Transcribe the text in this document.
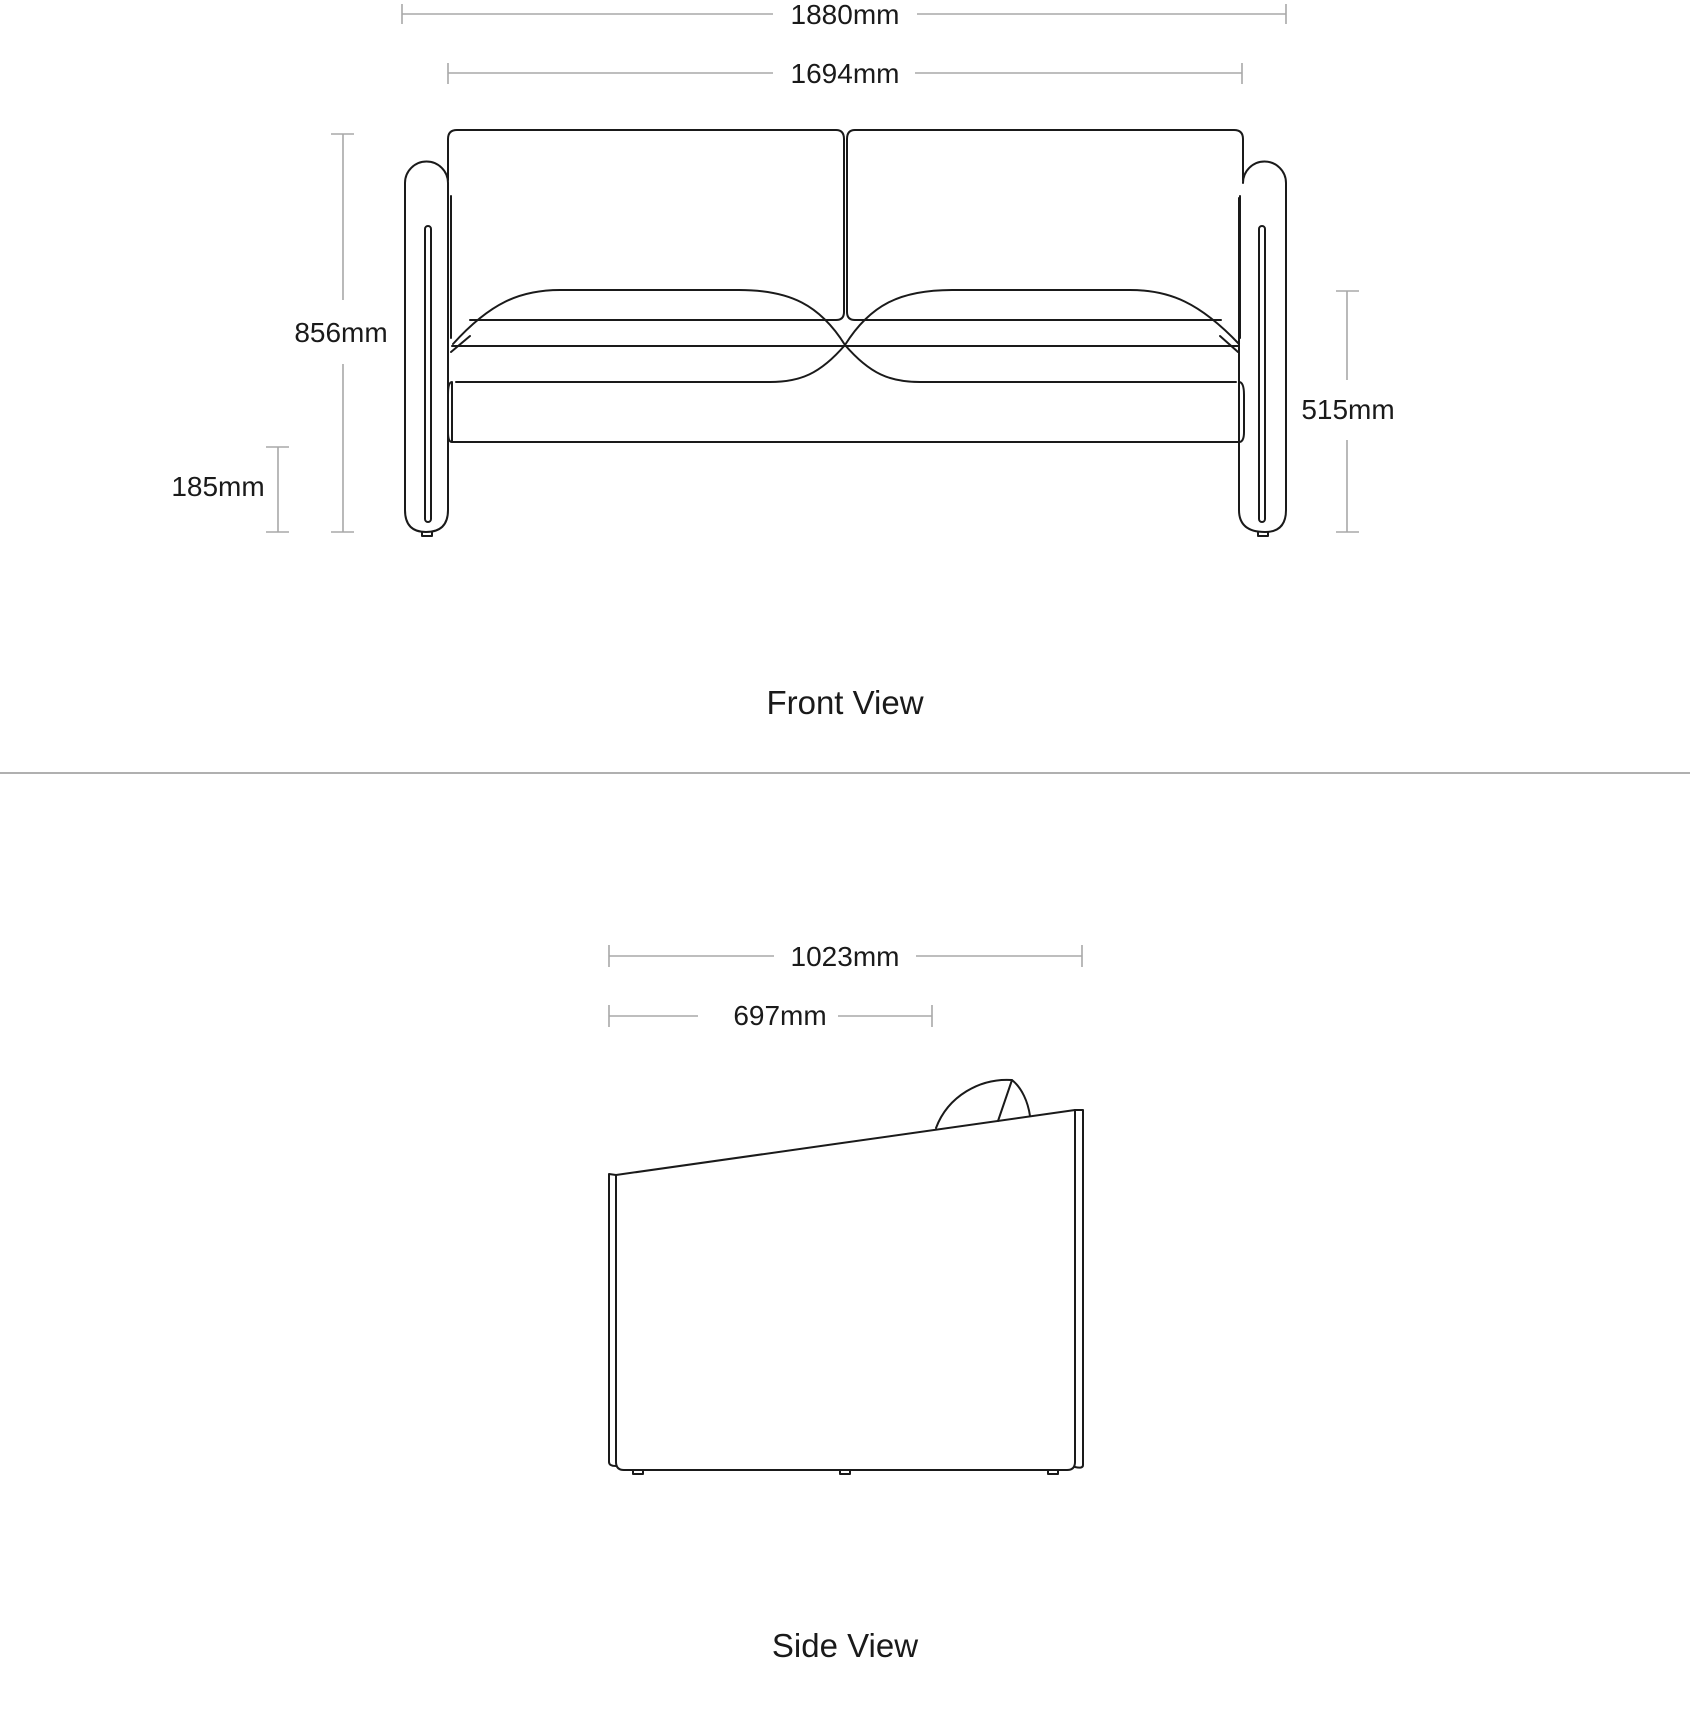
1880mm
1694mm
856mm
185mm
515mm
Front View
1023mm
697mm
Side View
